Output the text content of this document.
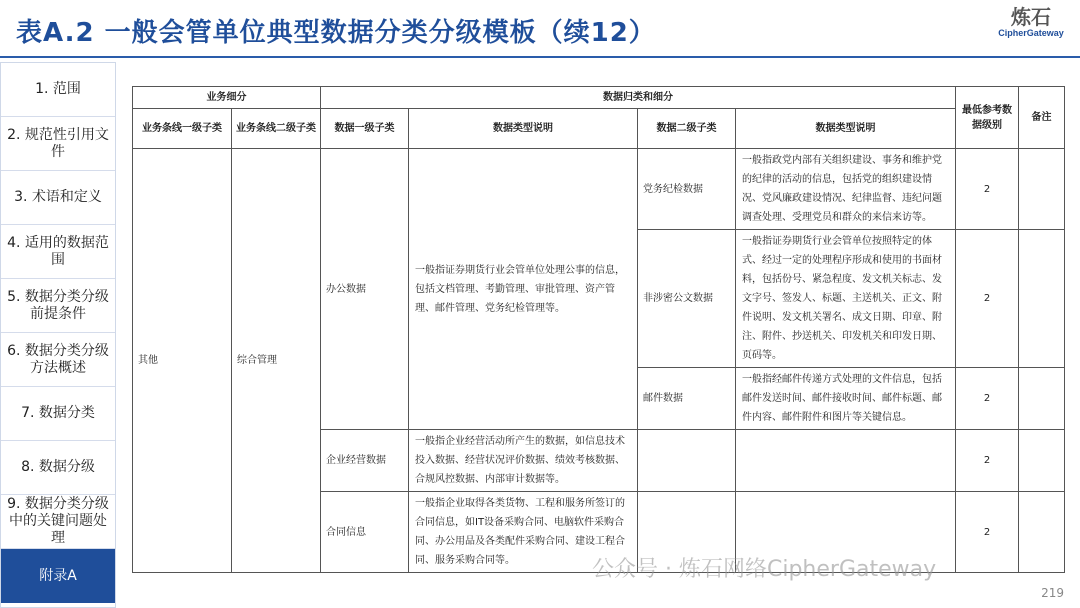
表A.2 一般会管单位典型数据分类分级模板（续12）
炼石
CipherGateway
1. 范围
2. 规范性引用文件
3. 术语和定义
4. 适用的数据范围
5. 数据分类分级前提条件
6. 数据分类分级方法概述
7. 数据分类
8. 数据分级
9. 数据分类分级中的关键问题处理
附录A
业务细分		数据归类和细分				最低参考数据级别	备注
业务条线一级子类	业务条线二级子类	数据一级子类	数据类型说明	数据二级子类	数据类型说明		
其他	综合管理	办公数据	一般指证券期货行业会管单位处理公事的信息，包括文档管理、考勤管理、审批管理、资产管理、邮件管理、党务纪检管理等。	党务纪检数据	一般指政党内部有关组织建设、事务和维护党的纪律的活动的信息，包括党的组织建设情况、党风廉政建设情况、纪律监督、违纪问题调查处理、受理党员和群众的来信来访等。	2	
				非涉密公文数据	一般指证券期货行业会管单位按照特定的体式、经过一定的处理程序形成和使用的书面材料，包括份号、紧急程度、发文机关标志、发文字号、签发人、标题、主送机关、正文、附件说明、发文机关署名、成文日期、印章、附注、附件、抄送机关、印发机关和印发日期、页码等。	2	
				邮件数据	一般指经邮件传递方式处理的文件信息，包括邮件发送时间、邮件接收时间、邮件标题、邮件内容、邮件附件和图片等关键信息。	2	
		企业经营数据	一般指企业经营活动所产生的数据，如信息技术投入数据、经营状况评价数据、绩效考核数据、合规风控数据、内部审计数据等。			2	
		合同信息	一般指企业取得各类货物、工程和服务所签订的合同信息，如IT设备采购合同、电脑软件采购合同、办公用品及各类配件采购合同、建设工程合同、服务采购合同等。			2	
公众号 · 炼石网络CipherGateway
219
